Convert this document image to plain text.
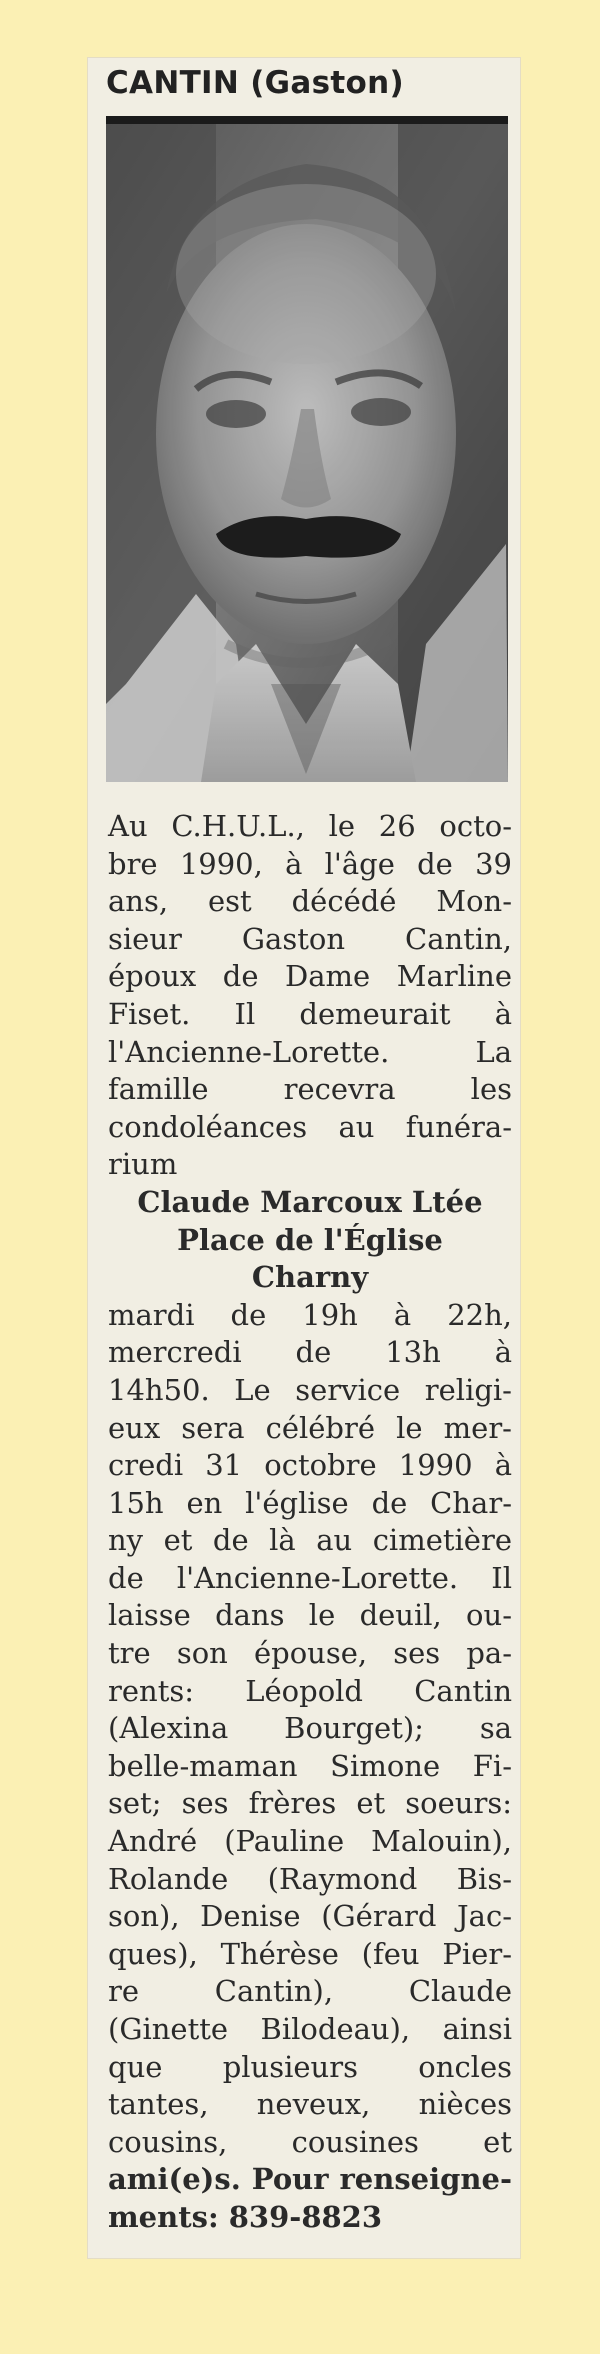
CANTIN (Gaston)

Au C.H.U.L., le 26 octo-
bre 1990, à l'âge de 39
ans, est décédé Mon-
sieur Gaston Cantin,
époux de Dame Marline
Fiset. Il demeurait à
l'Ancienne-Lorette. La
famille recevra les
condoléances au funéra-
rium

Claude Marcoux Ltée
Place de l'Église
Charny

mardi de 19h à 22h,
mercredi de 13h à
14h50. Le service religi-
eux sera célébré le mer-
credi 31 octobre 1990 à
15h en l'église de Char-
ny et de là au cimetière
de l'Ancienne-Lorette. Il
laisse dans le deuil, ou-
tre son épouse, ses pa-
rents: Léopold Cantin
(Alexina Bourget); sa
belle-maman Simone Fi-
set; ses frères et soeurs:
André (Pauline Malouin),
Rolande (Raymond Bis-
son), Denise (Gérard Jac-
ques), Thérèse (feu Pier-
re Cantin), Claude
(Ginette Bilodeau), ainsi
que plusieurs oncles
tantes, neveux, nièces
cousins, cousines et

ami(e)s. Pour renseigne-
ments: 839-8823
